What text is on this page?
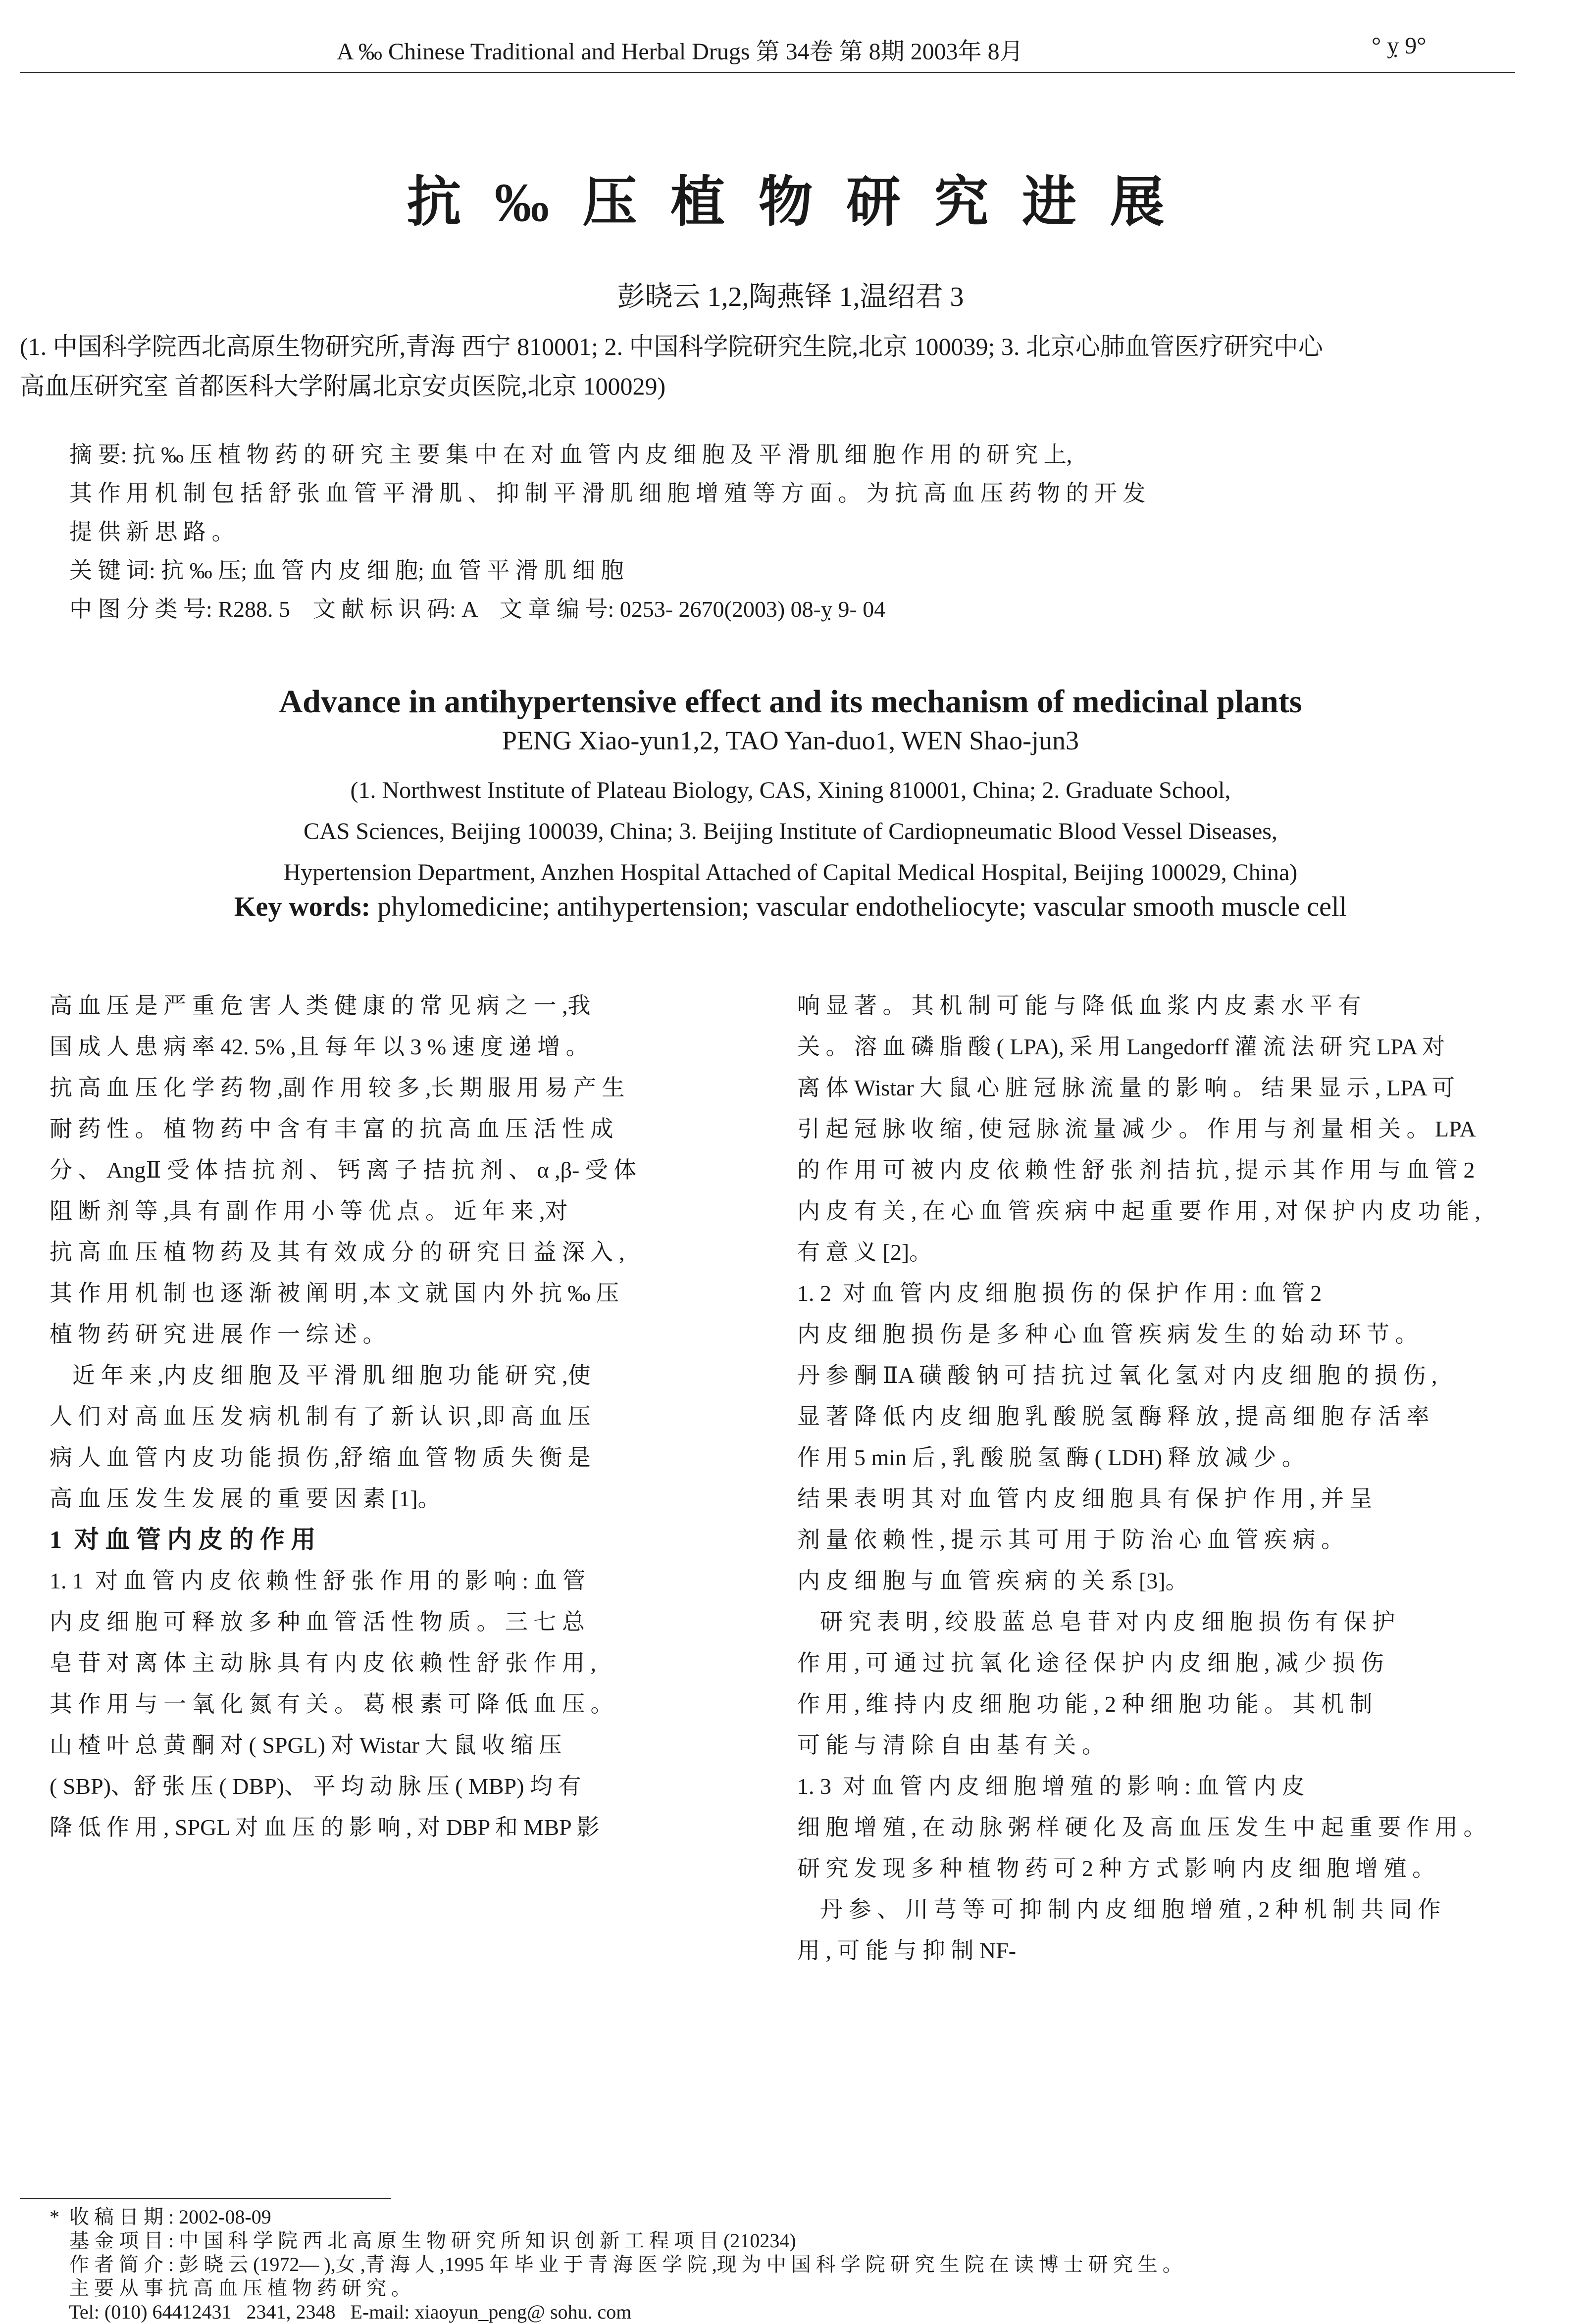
A ‰ Chinese Traditional and Herbal Drugs 第 34卷 第 8期 2003年 8月	° ỵ 9°
抗 ‰ 压 植 物 研 究 进 展
彭晓云 1,2,陶燕铎 1,温绍君 3
(1. 中国科学院西北高原生物研究所,青海 西宁 810001; 2. 中国科学院研究生院,北京 100039; 3. 北京心肺血管医疗研究中心
高血压研究室 首都医科大学附属北京安贞医院,北京 100029)
摘 要: 抗 ‰ 压 植 物 药 的 研 究 主 要 集 中 在 对 血 管 内 皮 细 胞 及 平 滑 肌 细 胞 作 用 的 研 究 上,
其 作 用 机 制 包 括 舒 张 血 管 平 滑 肌 、 抑 制 平 滑 肌 细 胞 增 殖 等 方 面 。 为 抗 高 血 压 药 物 的 开 发
提 供 新 思 路 。
关 键 词: 抗 ‰ 压; 血 管 内 皮 细 胞; 血 管 平 滑 肌 细 胞
中 图 分 类 号: R288. 5    文 献 标 识 码: A    文 章 编 号: 0253- 2670(2003) 08-ỵ 9- 04
Advance in antihypertensive effect and its mechanism of medicinal plants
PENG Xiao-yun1,2, TAO Yan-duo1, WEN Shao-jun3
(1. Northwest Institute of Plateau Biology, CAS, Xining 810001, China; 2. Graduate School,
CAS Sciences, Beijing 100039, China; 3. Beijing Institute of Cardiopneumatic Blood Vessel Diseases,
Hypertension Department, Anzhen Hospital Attached of Capital Medical Hospital, Beijing 100029, China)
Key words: phylomedicine; antihypertension; vascular endotheliocyte; vascular smooth muscle cell
高 血 压 是 严 重 危 害 人 类 健 康 的 常 见 病 之 一 ,我
国 成 人 患 病 率 42. 5% ,且 每 年 以 3 % 速 度 递 增 。
抗 高 血 压 化 学 药 物 ,副 作 用 较 多 ,长 期 服 用 易 产 生
耐 药 性 。 植 物 药 中 含 有 丰 富 的 抗 高 血 压 活 性 成
分 、 AngⅡ 受 体 拮 抗 剂 、 钙 离 子 拮 抗 剂 、 α ,β- 受 体
阻 断 剂 等 ,具 有 副 作 用 小 等 优 点 。 近 年 来 ,对
抗 高 血 压 植 物 药 及 其 有 效 成 分 的 研 究 日 益 深 入 ,
其 作 用 机 制 也 逐 渐 被 阐 明 ,本 文 就 国 内 外 抗 ‰ 压
植 物 药 研 究 进 展 作 一 综 述 。
近 年 来 ,内 皮 细 胞 及 平 滑 肌 细 胞 功 能 研 究 ,使
人 们 对 高 血 压 发 病 机 制 有 了 新 认 识 ,即 高 血 压
病 人 血 管 内 皮 功 能 损 伤 ,舒 缩 血 管 物 质 失 衡 是
高 血 压 发 生 发 展 的 重 要 因 素 [1]。
1  对 血 管 内 皮 的 作 用
1. 1  对 血 管 内 皮 依 赖 性 舒 张 作 用 的 影 响 : 血 管
内 皮 细 胞 可 释 放 多 种 血 管 活 性 物 质 。 三 七 总
皂 苷 对 离 体 主 动 脉 具 有 内 皮 依 赖 性 舒 张 作 用 ,
其 作 用 与 一 氧 化 氮 有 关 。 葛 根 素 可 降 低 血 压 。
山 楂 叶 总 黄 酮 对 ( SPGL) 对 Wistar 大 鼠 收 缩 压
( SBP)、舒 张 压 ( DBP)、 平 均 动 脉 压 ( MBP) 均 有
降 低 作 用 , SPGL 对 血 压 的 影 响 , 对 DBP 和 MBP 影
响 显 著 。 其 机 制 可 能 与 降 低 血 浆 内 皮 素 水 平 有
关 。 溶 血 磷 脂 酸 ( LPA), 采 用 Langedorff 灌 流 法 研 究 LPA 对
离 体 Wistar 大 鼠 心 脏 冠 脉 流 量 的 影 响 。 结 果 显 示 , LPA 可
引 起 冠 脉 收 缩 , 使 冠 脉 流 量 减 少 。 作 用 与 剂 量 相 关 。 LPA
的 作 用 可 被 内 皮 依 赖 性 舒 张 剂 拮 抗 , 提 示 其 作 用 与 血 管 2
内 皮 有 关 , 在 心 血 管 疾 病 中 起 重 要 作 用 , 对 保 护 内 皮 功 能 ,
有 意 义 [2]。
1. 2  对 血 管 内 皮 细 胞 损 伤 的 保 护 作 用 : 血 管 2
内 皮 细 胞 损 伤 是 多 种 心 血 管 疾 病 发 生 的 始 动 环 节 。
丹 参 酮 ⅡA 磺 酸 钠 可 拮 抗 过 氧 化 氢 对 内 皮 细 胞 的 损 伤 ,
显 著 降 低 内 皮 细 胞 乳 酸 脱 氢 酶 释 放 , 提 高 细 胞 存 活 率
作 用 5 min 后 , 乳 酸 脱 氢 酶 ( LDH) 释 放 减 少 。
结 果 表 明 其 对 血 管 内 皮 细 胞 具 有 保 护 作 用 , 并 呈
剂 量 依 赖 性 , 提 示 其 可 用 于 防 治 心 血 管 疾 病 。
内 皮 细 胞 与 血 管 疾 病 的 关 系 [3]。
研 究 表 明 , 绞 股 蓝 总 皂 苷 对 内 皮 细 胞 损 伤 有 保 护
作 用 , 可 通 过 抗 氧 化 途 径 保 护 内 皮 细 胞 , 减 少 损 伤
作 用 , 维 持 内 皮 细 胞 功 能 , 2 种 细 胞 功 能 。 其 机 制
可 能 与 清 除 自 由 基 有 关 。
1. 3  对 血 管 内 皮 细 胞 增 殖 的 影 响 : 血 管 内 皮
细 胞 增 殖 , 在 动 脉 粥 样 硬 化 及 高 血 压 发 生 中 起 重 要 作 用 。
研 究 发 现 多 种 植 物 药 可 2 种 方 式 影 响 内 皮 细 胞 增 殖 。
丹 参 、 川 芎 等 可 抑 制 内 皮 细 胞 增 殖 , 2 种 机 制 共 同 作
用 , 可 能 与 抑 制 NF-
*  收 稿 日 期 : 2002-08-09
基 金 项 目 : 中 国 科 学 院 西 北 高 原 生 物 研 究 所 知 识 创 新 工 程 项 目 (210234)
作 者 简 介 : 彭 晓 云 (1972— ),女 ,青 海 人 ,1995 年 毕 业 于 青 海 医 学 院 ,现 为 中 国 科 学 院 研 究 生 院 在 读 博 士 研 究 生 。
主 要 从 事 抗 高 血 压 植 物 药 研 究 。
Tel: (010) 64412431   2341, 2348   E-mail: xiaoyun_peng@ sohu. com
